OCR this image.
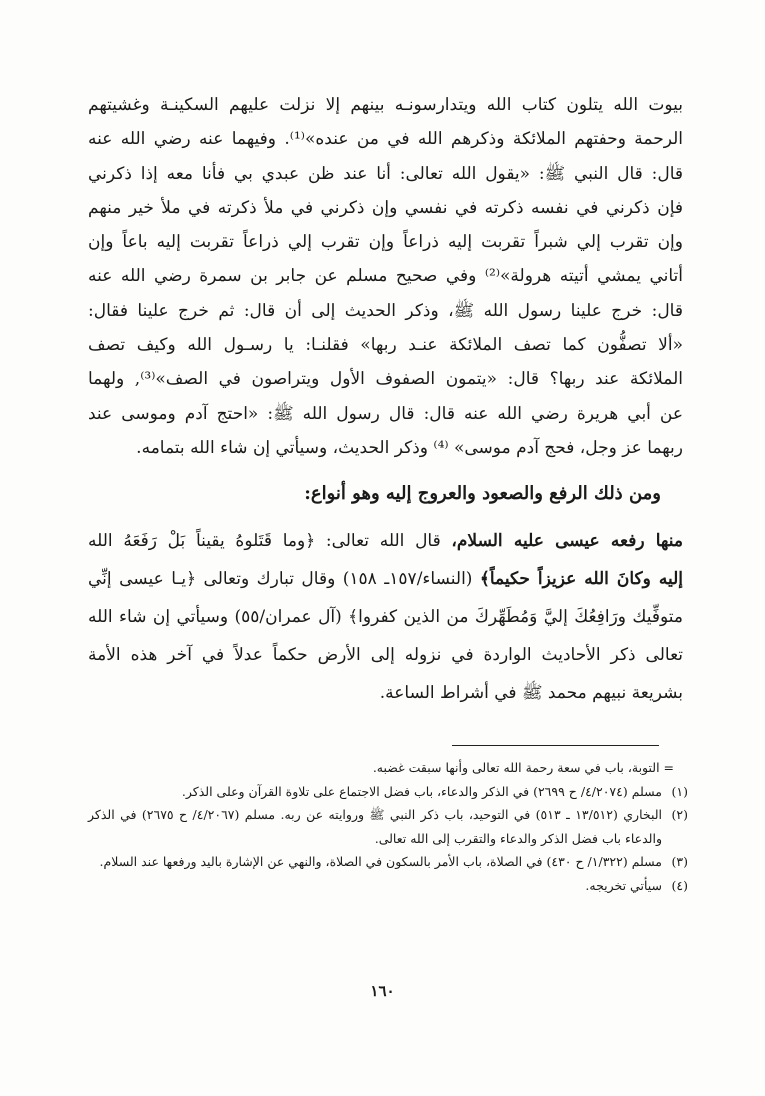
بيوت الله يتلون كتاب الله ويتدارسونـه بينهم إلا نزلت عليهم السكينـة وغشيتهم

الرحمة وحفتهم الملائكة وذكرهم الله في من عنده»⁽¹⁾. وفيهما عنه رضي الله عنه

قال: قال النبي ﷺ: «يقول الله تعالى: أنا عند ظن عبدي بي فأنا معه إذا ذكرني

فإن ذكرني في نفسه ذكرته في نفسي وإن ذكرني في ملأ ذكرته في ملأ خير منهم

وإن تقرب إلي شبراً تقربت إليه ذراعاً وإن تقرب إلي ذراعاً تقربت إليه باعاً وإن

أتاني يمشي أتيته هرولة»⁽²⁾ وفي صحيح مسلم عن جابر بن سمرة رضي الله عنه

قال: خرج علينا رسول الله ﷺ، وذكر الحديث إلى أن قال: ثم خرج علينا فقال:

«ألا تصفُّون كما تصف الملائكة عنـد ربها» فقلنـا: يا رسـول الله وكيف تصف

الملائكة عند ربها؟ قال: «يتمون الصفوف الأول ويتراصون في الصف»⁽³⁾, ولهما

عن أبي هريرة رضي الله عنه قال: قال رسول الله ﷺ: «احتج آدم وموسى عند

ربهما عز وجل، فحج آدم موسى» ⁽⁴⁾ وذكر الحديث، وسيأتي إن شاء الله بتمامه.

ومن ذلك الرفع والصعود والعروج إليه وهو أنواع:

منها رفعه عيسى عليه السلام، قال الله تعالى: ﴿وما قَتَلوهُ يقيناً بَلْ رَفَعَهُ الله

إليه وكانَ الله عزيزاً حكيماً﴾ (النساء/١٥٧ـ ١٥٨) وقال تبارك وتعالى ﴿يـا عيسى إنِّي

متوفِّيك ورَافِعُكَ إليَّ وَمُطَهِّركَ من الذين كفروا﴾ (آل عمران/٥٥) وسيأتي إن شاء الله

تعالى ذكر الأحاديث الواردة في نزوله إلى الأرض حكماً عدلاً في آخر هذه الأمة

بشريعة نبيهم محمد ﷺ في أشراط الساعة.

= التوبة، باب في سعة رحمة الله تعالى وأنها سبقت غضبه.
(١)
مسلم (٤/٢٠٧٤/ ح ٢٦٩٩) في الذكر والدعاء، باب فضل الاجتماع على تلاوة القرآن وعلى الذكر.
(٢)
البخاري (١٣/٥١٢ ـ ٥١٣) في التوحيد، باب ذكر النبي ﷺ وروايته عن ربه. مسلم (٤/٢٠٦٧/ ح ٢٦٧٥) في الذكر والدعاء باب فضل الذكر والدعاء والتقرب إلى الله تعالى.
(٣)
مسلم (١/٣٢٢/ ح ٤٣٠) في الصلاة، باب الأمر بالسكون في الصلاة، والنهي عن الإشارة باليد ورفعها عند السلام.
(٤)
سيأتي تخريجه.
١٦٠
